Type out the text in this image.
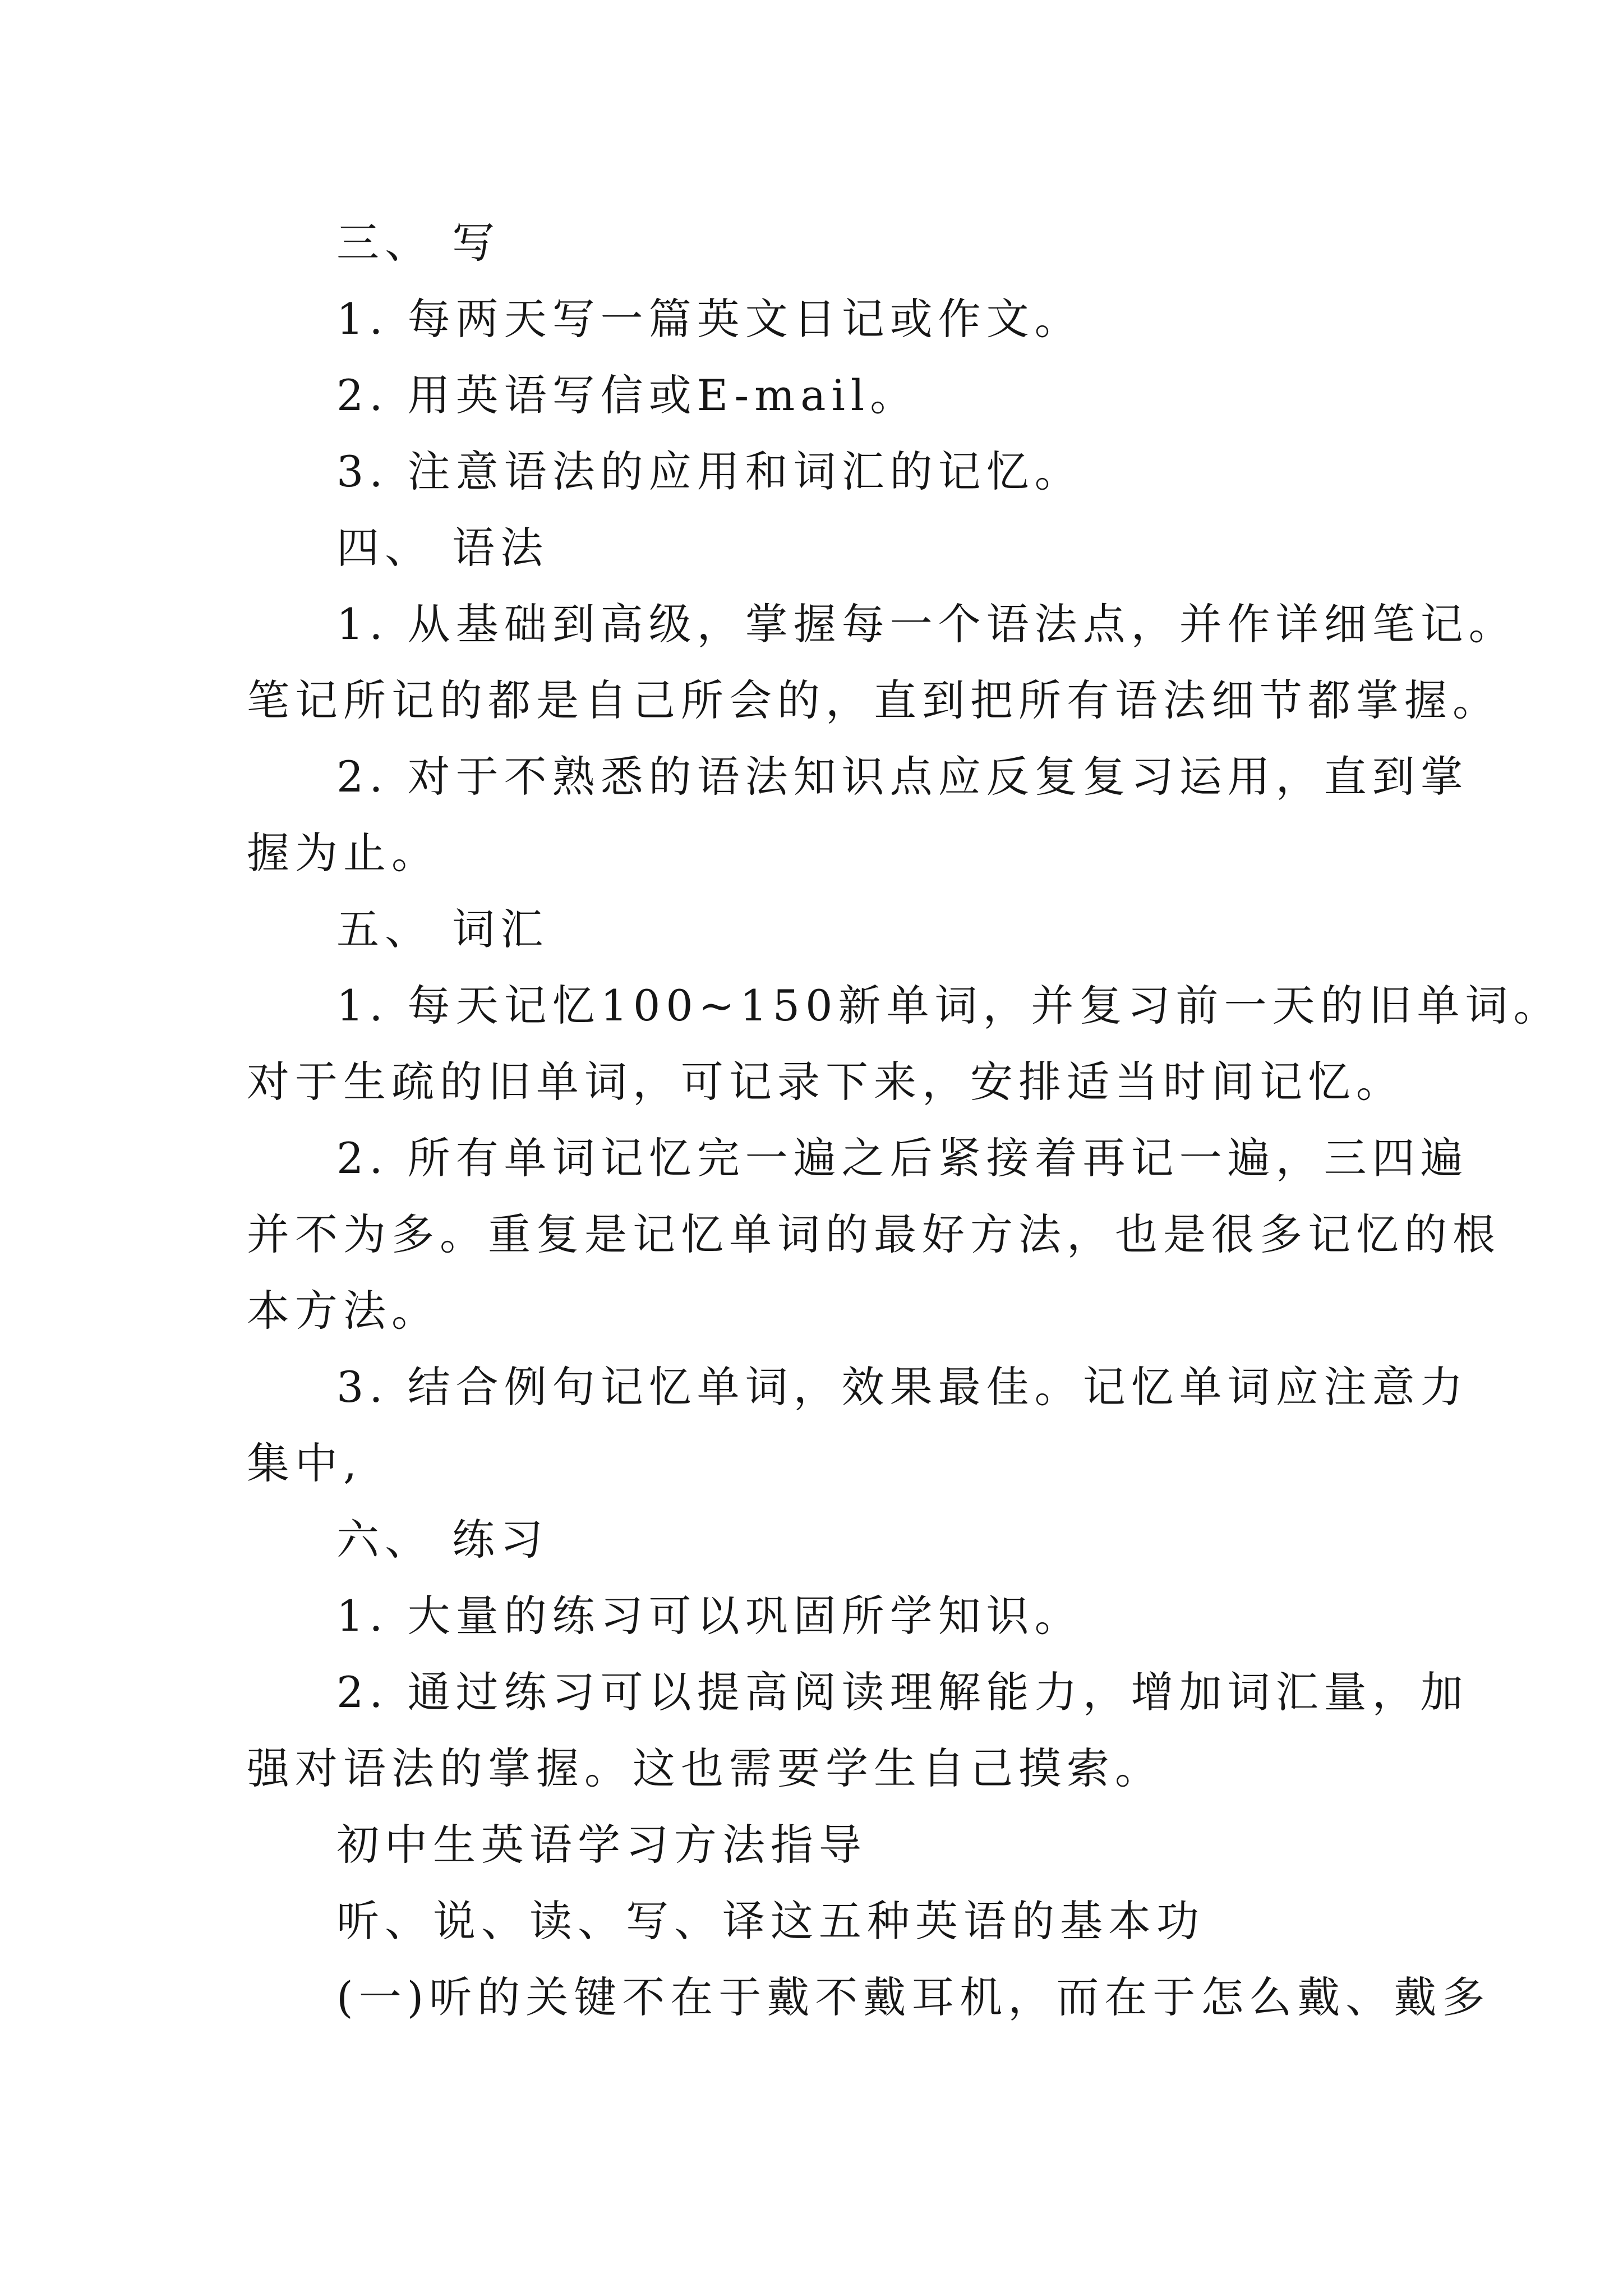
三、 写
1. 每两天写一篇英文日记或作文。
2. 用英语写信或E-mail。
3. 注意语法的应用和词汇的记忆。
四、 语法
1. 从基础到高级，掌握每一个语法点，并作详细笔记。
笔记所记的都是自己所会的，直到把所有语法细节都掌握。
2. 对于不熟悉的语法知识点应反复复习运用，直到掌
握为止。
五、 词汇
1. 每天记忆100~150新单词，并复习前一天的旧单词。
对于生疏的旧单词，可记录下来，安排适当时间记忆。
2. 所有单词记忆完一遍之后紧接着再记一遍，三四遍
并不为多。重复是记忆单词的最好方法，也是很多记忆的根
本方法。
3. 结合例句记忆单词，效果最佳。记忆单词应注意力
集中,
六、 练习
1. 大量的练习可以巩固所学知识。
2. 通过练习可以提高阅读理解能力，增加词汇量，加
强对语法的掌握。这也需要学生自己摸索。
初中生英语学习方法指导
听、说、读、写、译这五种英语的基本功
(一)听的关键不在于戴不戴耳机，而在于怎么戴、戴多
